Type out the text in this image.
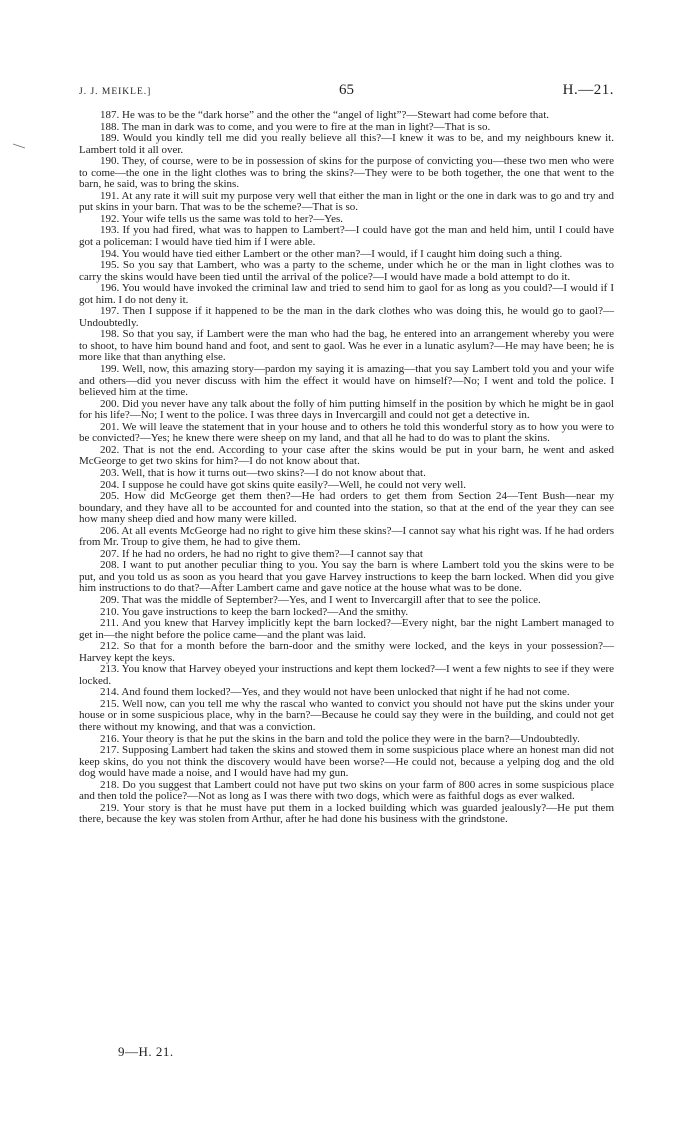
J. J. MEIKLE.]	65	H.—21.

187. He was to be the “dark horse” and the other the “angel of light”?—Stewart had come before that.

188. The man in dark was to come, and you were to fire at the man in light?—That is so.

189. Would you kindly tell me did you really believe all this?—I knew it was to be, and my neighbours knew it. Lambert told it all over.

190. They, of course, were to be in possession of skins for the purpose of convicting you—these two men who were to come—the one in the light clothes was to bring the skins?—They were to be both together, the one that went to the barn, he said, was to bring the skins.

191. At any rate it will suit my purpose very well that either the man in light or the one in dark was to go and try and put skins in your barn. That was to be the scheme?—That is so.

192. Your wife tells us the same was told to her?—Yes.

193. If you had fired, what was to happen to Lambert?—I could have got the man and held him, until I could have got a policeman: I would have tied him if I were able.

194. You would have tied either Lambert or the other man?—I would, if I caught him doing such a thing.

195. So you say that Lambert, who was a party to the scheme, under which he or the man in light clothes was to carry the skins would have been tied until the arrival of the police?—I would have made a bold attempt to do it.

196. You would have invoked the criminal law and tried to send him to gaol for as long as you could?—I would if I got him. I do not deny it.

197. Then I suppose if it happened to be the man in the dark clothes who was doing this, he would go to gaol?—Undoubtedly.

198. So that you say, if Lambert were the man who had the bag, he entered into an arrangement whereby you were to shoot, to have him bound hand and foot, and sent to gaol. Was he ever in a lunatic asylum?—He may have been; he is more like that than anything else.

199. Well, now, this amazing story—pardon my saying it is amazing—that you say Lambert told you and your wife and others—did you never discuss with him the effect it would have on himself?—No; I went and told the police. I believed him at the time.

200. Did you never have any talk about the folly of him putting himself in the position by which he might be in gaol for his life?—No; I went to the police. I was three days in Invercargill and could not get a detective in.

201. We will leave the statement that in your house and to others he told this wonderful story as to how you were to be convicted?—Yes; he knew there were sheep on my land, and that all he had to do was to plant the skins.

202. That is not the end. According to your case after the skins would be put in your barn, he went and asked McGeorge to get two skins for him?—I do not know about that.

203. Well, that is how it turns out—two skins?—I do not know about that.

204. I suppose he could have got skins quite easily?—Well, he could not very well.

205. How did McGeorge get them then?—He had orders to get them from Section 24—Tent Bush—near my boundary, and they have all to be accounted for and counted into the station, so that at the end of the year they can see how many sheep died and how many were killed.

206. At all events McGeorge had no right to give him these skins?—I cannot say what his right was. If he had orders from Mr. Troup to give them, he had to give them.

207. If he had no orders, he had no right to give them?—I cannot say that

208. I want to put another peculiar thing to you. You say the barn is where Lambert told you the skins were to be put, and you told us as soon as you heard that you gave Harvey instructions to keep the barn locked. When did you give him instructions to do that?—After Lambert came and gave notice at the house what was to be done.

209. That was the middle of September?—Yes, and I went to Invercargill after that to see the police.

210. You gave instructions to keep the barn locked?—And the smithy.

211. And you knew that Harvey implicitly kept the barn locked?—Every night, bar the night Lambert managed to get in—the night before the police came—and the plant was laid.

212. So that for a month before the barn-door and the smithy were locked, and the keys in your possession?—Harvey kept the keys.

213. You know that Harvey obeyed your instructions and kept them locked?—I went a few nights to see if they were locked.

214. And found them locked?—Yes, and they would not have been unlocked that night if he had not come.

215. Well now, can you tell me why the rascal who wanted to convict you should not have put the skins under your house or in some suspicious place, why in the barn?—Because he could say they were in the building, and could not get there without my knowing, and that was a conviction.

216. Your theory is that he put the skins in the barn and told the police they were in the barn?—Undoubtedly.

217. Supposing Lambert had taken the skins and stowed them in some suspicious place where an honest man did not keep skins, do you not think the discovery would have been worse?—He could not, because a yelping dog and the old dog would have made a noise, and I would have had my gun.

218. Do you suggest that Lambert could not have put two skins on your farm of 800 acres in some suspicious place and then told the police?—Not as long as I was there with two dogs, which were as faithful dogs as ever walked.

219. Your story is that he must have put them in a locked building which was guarded jealously?—He put them there, because the key was stolen from Arthur, after he had done his business with the grindstone.

9—H. 21.
